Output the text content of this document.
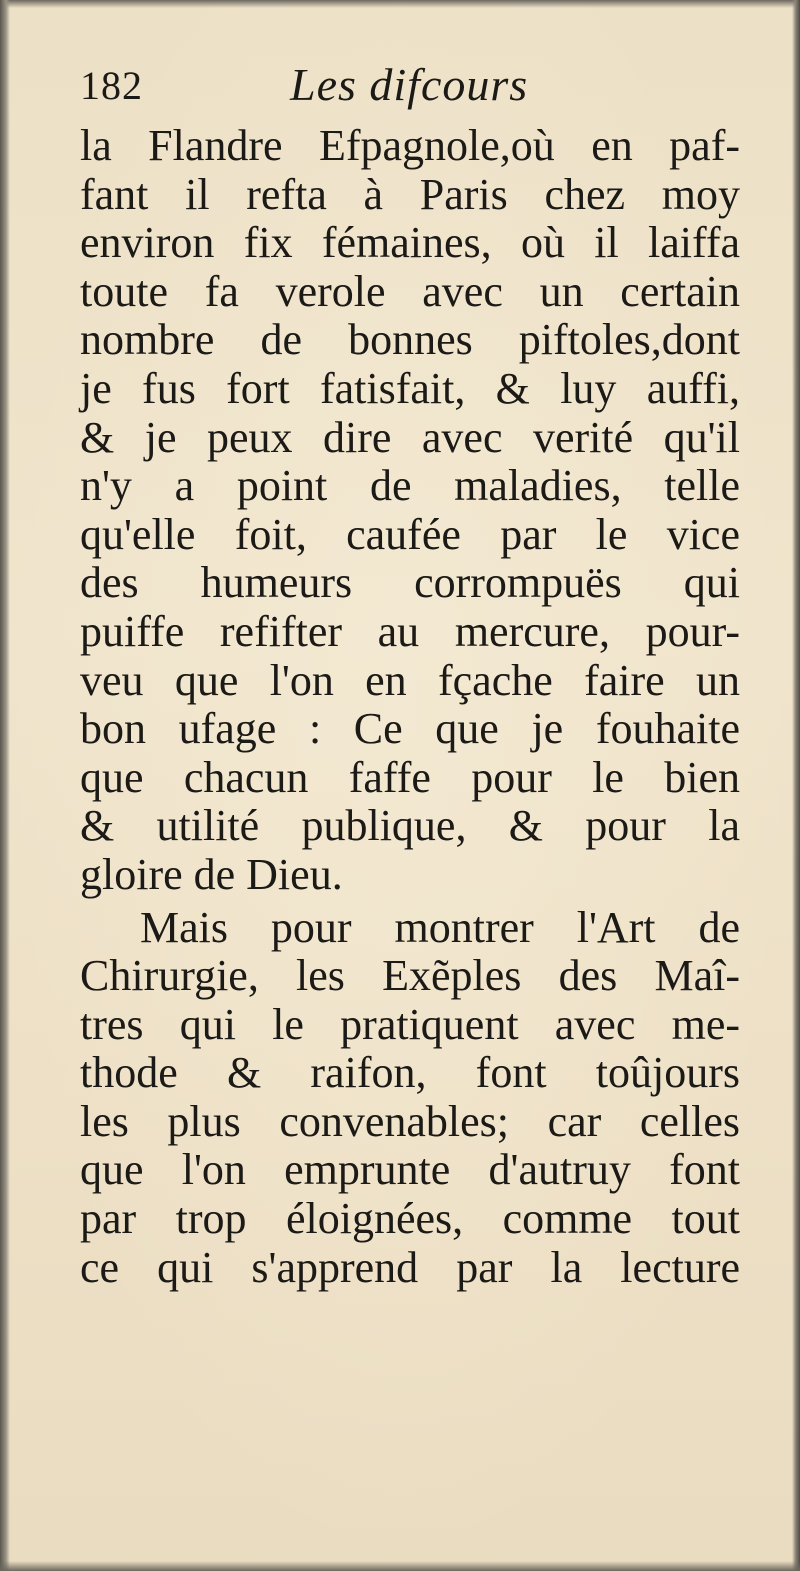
182	Les difcours
la Flandre Efpagnole,où en paf-
fant il refta à Paris chez moy
environ fix fémaines, où il laiffa
toute fa verole avec un certain
nombre de bonnes piftoles,dont
je fus fort fatisfait, & luy auffi,
& je peux dire avec verité qu'il
n'y a point de maladies, telle
qu'elle foit, caufée par le vice
des humeurs corrompuës qui
puiffe refifter au mercure, pour-
veu que l'on en fçache faire un
bon ufage : Ce que je fouhaite
que chacun faffe pour le bien
& utilité publique, & pour la
gloire de Dieu.
Mais pour montrer l'Art de
Chirurgie, les Exẽples des Maî-
tres qui le pratiquent avec me-
thode & raifon, font toûjours
les plus convenables; car celles
que l'on emprunte d'autruy font
par trop éloignées, comme tout
ce qui s'apprend par la lecture
